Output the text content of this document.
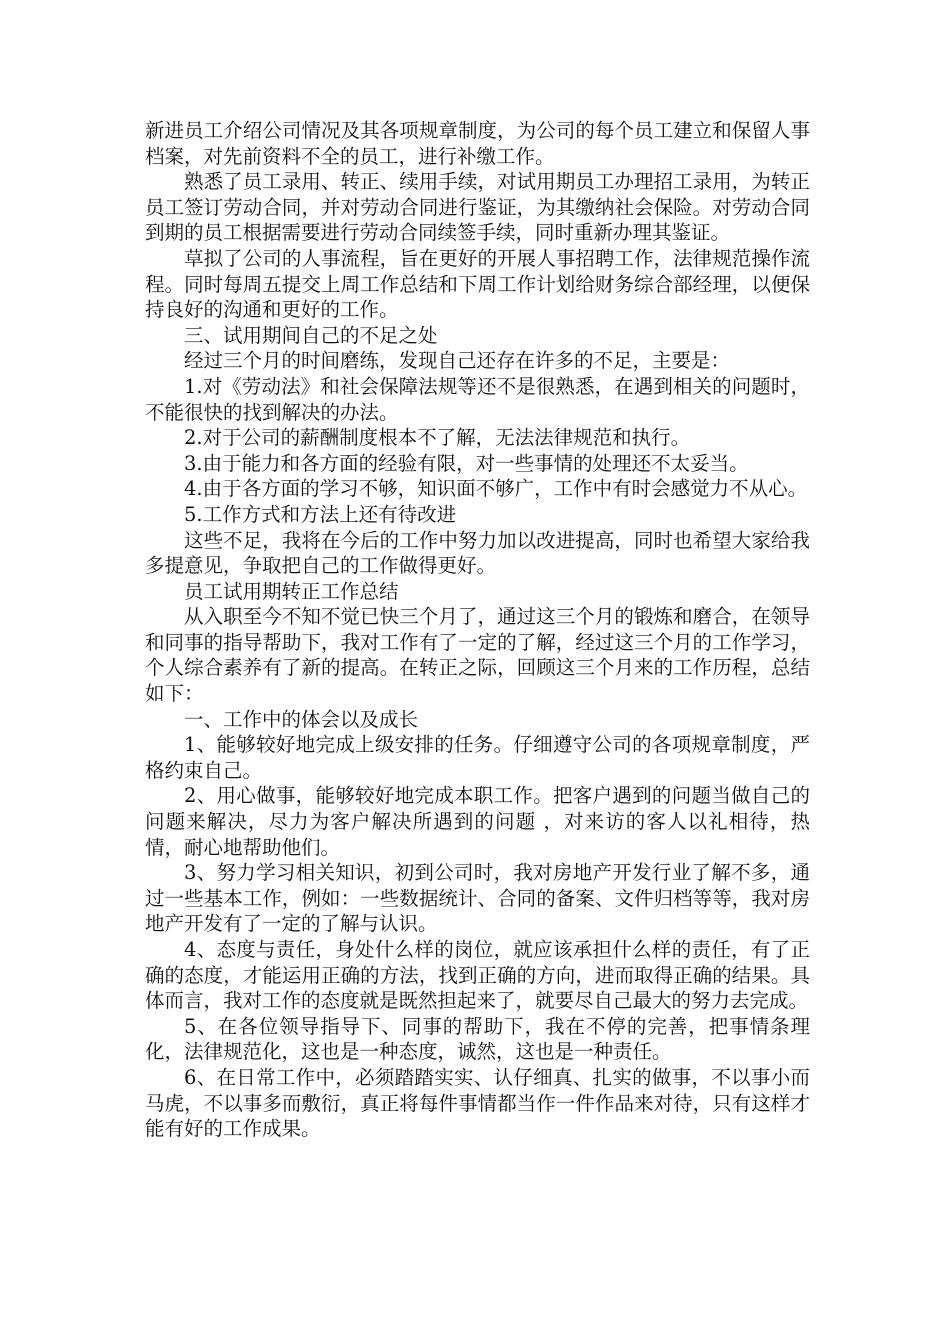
新进员工介绍公司情况及其各项规章制度，为公司的每个员工建立和保留人事档案，对先前资料不全的员工，进行补缴工作。

熟悉了员工录用、转正、续用手续，对试用期员工办理招工录用，为转正员工签订劳动合同，并对劳动合同进行鉴证，为其缴纳社会保险。对劳动合同到期的员工根据需要进行劳动合同续签手续，同时重新办理其鉴证。

草拟了公司的人事流程，旨在更好的开展人事招聘工作，法律规范操作流程。同时每周五提交上周工作总结和下周工作计划给财务综合部经理，以便保持良好的沟通和更好的工作。

三、试用期间自己的不足之处

经过三个月的时间磨练，发现自己还存在许多的不足，主要是：

1.对《劳动法》和社会保障法规等还不是很熟悉，在遇到相关的问题时，不能很快的找到解决的办法。

2.对于公司的薪酬制度根本不了解，无法法律规范和执行。

3.由于能力和各方面的经验有限，对一些事情的处理还不太妥当。

4.由于各方面的学习不够，知识面不够广，工作中有时会感觉力不从心。

5.工作方式和方法上还有待改进

这些不足，我将在今后的工作中努力加以改进提高，同时也希望大家给我多提意见，争取把自己的工作做得更好。

员工试用期转正工作总结

从入职至今不知不觉已快三个月了，通过这三个月的锻炼和磨合，在领导和同事的指导帮助下，我对工作有了一定的了解，经过这三个月的工作学习，个人综合素养有了新的提高。在转正之际，回顾这三个月来的工作历程，总结如下：

一、工作中的体会以及成长

1、能够较好地完成上级安排的任务。仔细遵守公司的各项规章制度，严格约束自己。

2、用心做事，能够较好地完成本职工作。把客户遇到的问题当做自己的问题来解决，尽力为客户解决所遇到的问题 ，对来访的客人以礼相待，热情，耐心地帮助他们。

3、努力学习相关知识，初到公司时，我对房地产开发行业了解不多，通过一些基本工作，例如：一些数据统计、合同的备案、文件归档等等，我对房地产开发有了一定的了解与认识。

4、态度与责任，身处什么样的岗位，就应该承担什么样的责任，有了正确的态度，才能运用正确的方法，找到正确的方向，进而取得正确的结果。具体而言，我对工作的态度就是既然担起来了，就要尽自己最大的努力去完成。

5、在各位领导指导下、同事的帮助下，我在不停的完善，把事情条理化，法律规范化，这也是一种态度，诚然，这也是一种责任。

6、在日常工作中，必须踏踏实实、认仔细真、扎实的做事，不以事小而马虎，不以事多而敷衍，真正将每件事情都当作一件作品来对待，只有这样才能有好的工作成果。
